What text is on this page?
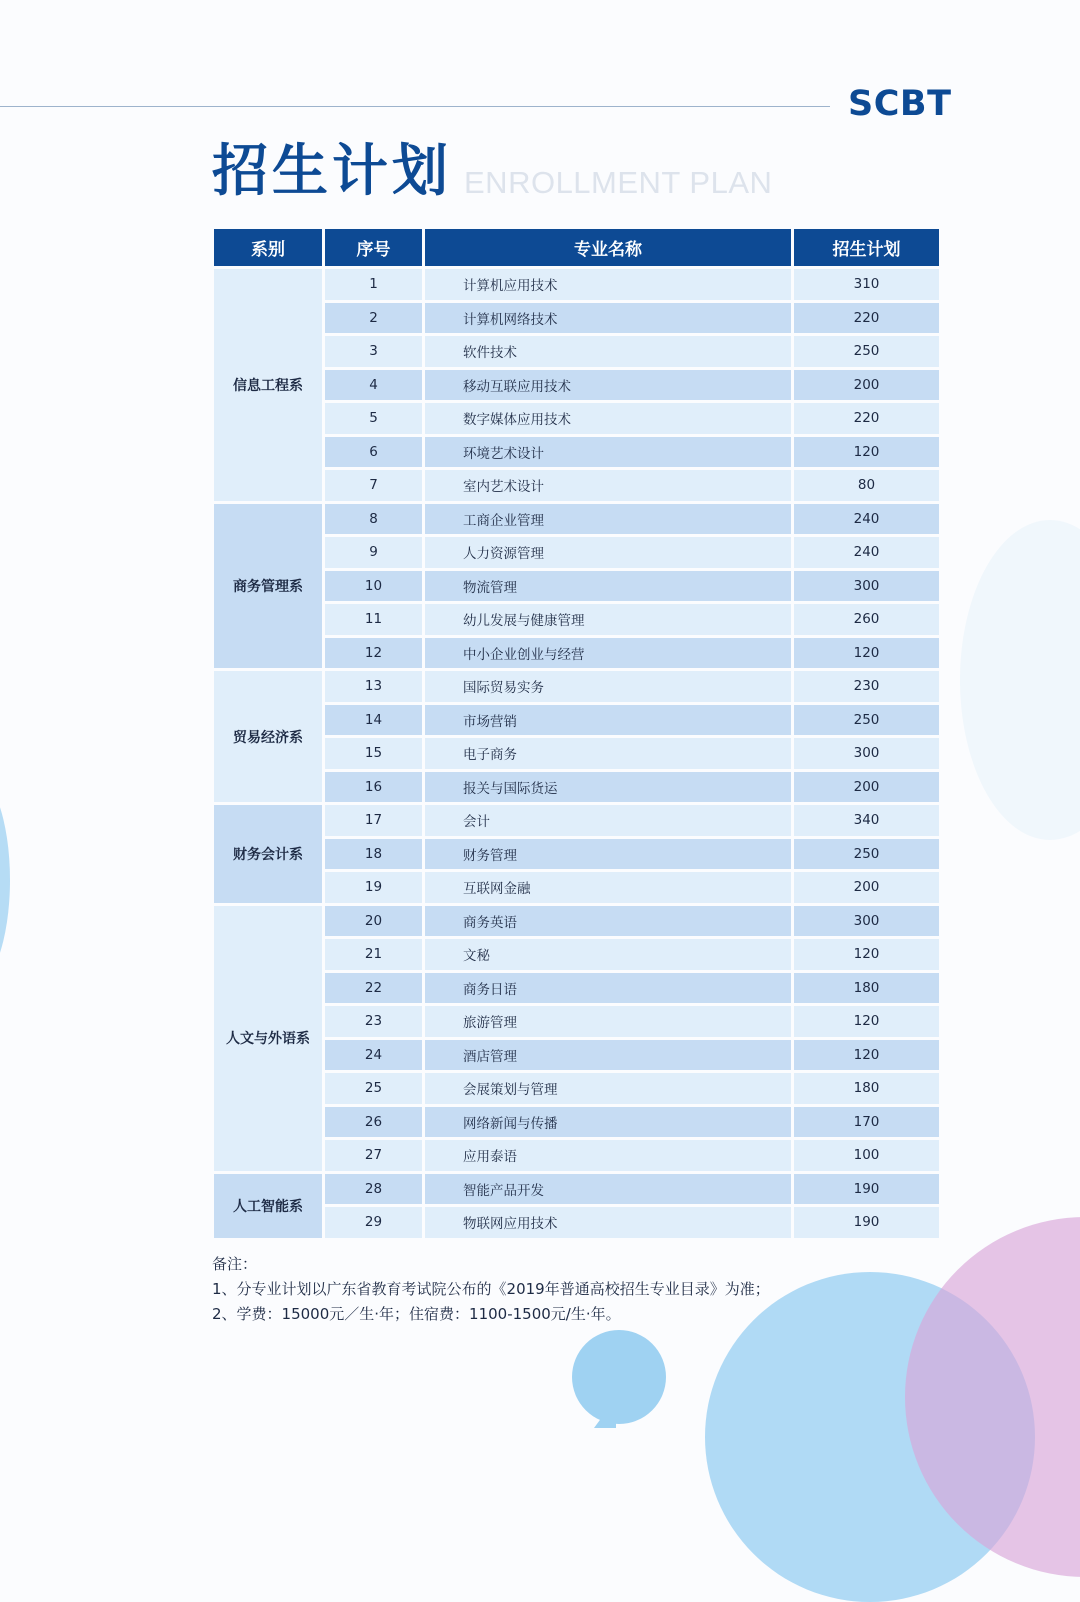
SCBT
招生计划 ENROLLMENT PLAN
系别	序号	专业名称	招生计划
信息工程系	1	计算机应用技术	310
	2	计算机网络技术	220
	3	软件技术	250
	4	移动互联应用技术	200
	5	数字媒体应用技术	220
	6	环境艺术设计	120
	7	室内艺术设计	80
商务管理系	8	工商企业管理	240
	9	人力资源管理	240
	10	物流管理	300
	11	幼儿发展与健康管理	260
	12	中小企业创业与经营	120
贸易经济系	13	国际贸易实务	230
	14	市场营销	250
	15	电子商务	300
	16	报关与国际货运	200
财务会计系	17	会计	340
	18	财务管理	250
	19	互联网金融	200
人文与外语系	20	商务英语	300
	21	文秘	120
	22	商务日语	180
	23	旅游管理	120
	24	酒店管理	120
	25	会展策划与管理	180
	26	网络新闻与传播	170
	27	应用泰语	100
人工智能系	28	智能产品开发	190
	29	物联网应用技术	190
备注：
1、分专业计划以广东省教育考试院公布的《2019年普通高校招生专业目录》为准；
2、学费：15000元／生·年；住宿费：1100-1500元/生·年。
